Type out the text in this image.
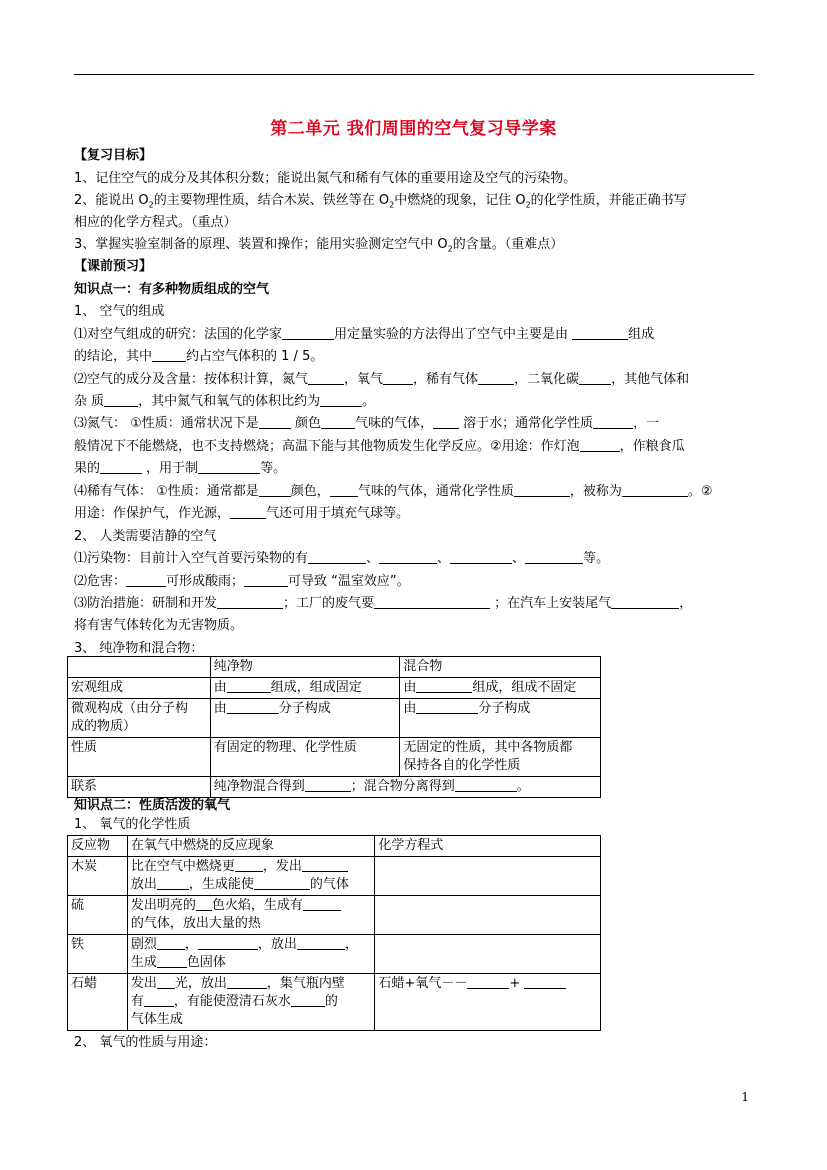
第二单元 我们周围的空气复习导学案
【复习目标】
1、记住空气的成分及其体积分数；能说出氮气和稀有气体的重要用途及空气的污染物。
2、能说出 $O_2$的主要物理性质，结合木炭、铁丝等在 $O_2$中燃烧的现象，记住 $O_2$的化学性质，并能正确书写
相应的化学方程式。（重点）
3、掌握实验室制备的原理、装置和操作；能用实验测定空气中 $O_2$的含量。（重难点）
【课前预习】
知识点一：有多种物质组成的空气
1、 空气的组成
⑴对空气组成的研究：法国的化学家	用定量实验的方法得出了空气中主要是由	组成
的结论，其中	约占空气体积的 1 / 5。
⑵空气的成分及含量：按体积计算，氮气	，氧气 ，稀有气体	，二氧化碳 ，其他气体和
杂 质	，其中氮气和氧气的体积比约为	。
⑶氮气： ①性质：通常状况下是	颜色	气味的气体， 溶于水；通常化学性质	，一
般情况下不能燃烧，也不支持燃烧；高温下能与其他物质发生化学反应。②用途：作灯泡	，作粮食瓜
果的	，用于制	等。
⑷稀有气体： ①性质：通常都是 颜色， 气味的气体，通常化学性质	，被称为	。②
用途：作保护气，作光源，	气还可用于填充气球等。
2、 人类需要洁静的空气
⑴污染物：目前计入空气首要污染物的有	、	、	、	等。
⑵危害：	可形成酸雨；	可导致 “温室效应”。
⑶防治措施：研制和开发	；工厂的废气要	；在汽车上安装尾气	，
将有害气体转化为无害物质。
3、 纯净物和混合物：
	纯净物	混合物
宏观组成	由 组成，组成固定	由 组成，组成不固定
微观构成（由分子构
成的物质）	由 分子构成	由 分子构成
性质	有固定的物理、化学性质	无固定的性质，其中各物质都
保持各自的化学性质
联系	纯净物混合得到 ；混合物分离得到 。	
知识点二：性质活泼的氧气
1、 氧气的化学性质
反应物	在氧气中燃烧的反应现象	化学方程式
木炭	比在空气中燃烧更 ，发出
放出 ，生成能使 的气体	
硫	发出明亮的 色火焰，生成有
的气体，放出大量的热	
铁	剧烈 ， ，放出 ，
生成 色固体	
石蜡	发出 光，放出 ，集气瓶内壁
有 ，有能使澄清石灰水 的
气体生成	石蜡+氧气－－ +
2、 氧气的性质与用途：
1
